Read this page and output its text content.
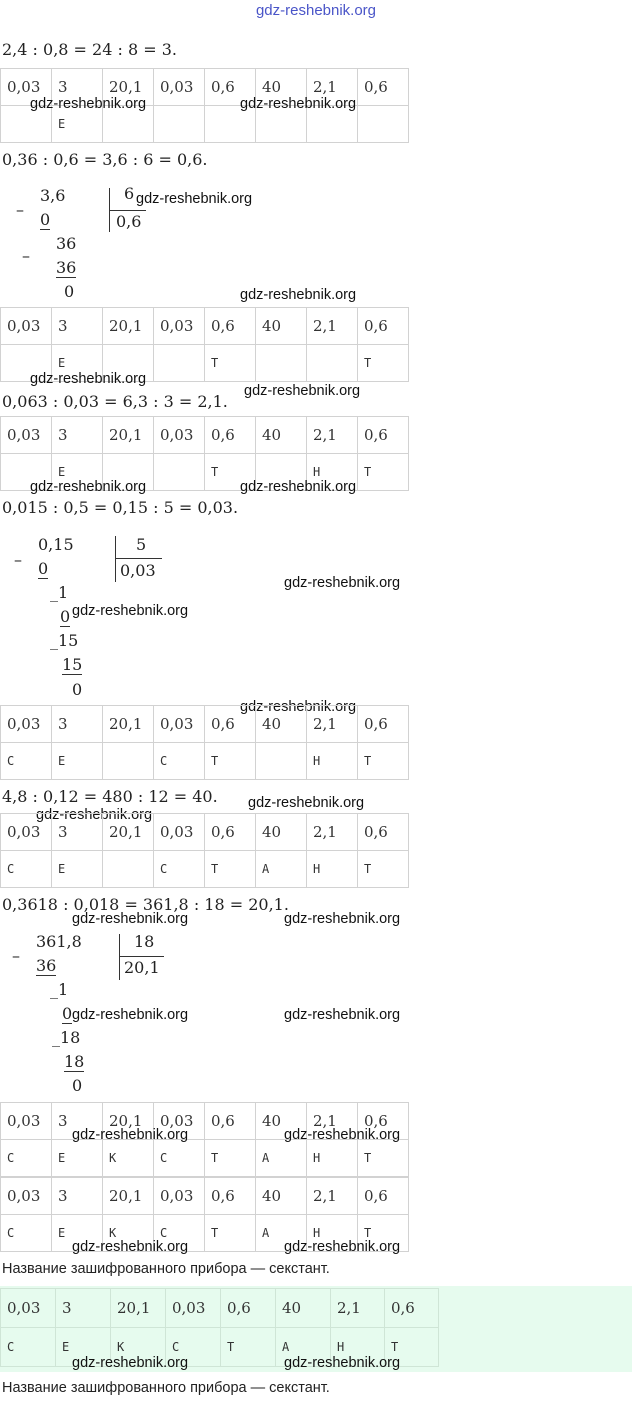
gdz-reshebnik.org
2,4 : 0,8 = 24 : 8 = 3.
0,03	3	20,1	0,03	0,6	40	2,1	0,6
	Е						
gdz-reshebnik.org	gdz-reshebnik.org
0,36 : 0,6 = 3,6 : 6 = 0,6.
–
3,6
0
–
36
36
0
6
0,6
gdz-reshebnik.org
gdz-reshebnik.org
0,03	3	20,1	0,03	0,6	40	2,1	0,6
	Е			Т			Т
gdz-reshebnik.org
0,063 : 0,03 = 6,3 : 3 = 2,1.
gdz-reshebnik.org
0,03	3	20,1	0,03	0,6	40	2,1	0,6
	Е			Т		Н	Т
gdz-reshebnik.org	gdz-reshebnik.org
0,015 : 0,5 = 0,15 : 5 = 0,03.
–
0,15
0
_1
0
_15
15
0
5
0,03
gdz-reshebnik.org
gdz-reshebnik.org
gdz-reshebnik.org
0,03	3	20,1	0,03	0,6	40	2,1	0,6
С	Е		С	Т		Н	Т
4,8 : 0,12 = 480 : 12 = 40. gdz-reshebnik.org
gdz-reshebnik.org
0,03	3	20,1	0,03	0,6	40	2,1	0,6
С	Е		С	Т	А	Н	Т
0,3618 : 0,018 = 361,8 : 18 = 20,1.
gdz-reshebnik.org	gdz-reshebnik.org
–
361,8
36
_1
0
_18
18
0
18
20,1
gdz-reshebnik.org	gdz-reshebnik.org
0,03	3	20,1	0,03	0,6	40	2,1	0,6
С	Е	К	С	Т	А	Н	Т
gdz-reshebnik.org	gdz-reshebnik.org
0,03	3	20,1	0,03	0,6	40	2,1	0,6
С	Е	К	С	Т	А	Н	Т
gdz-reshebnik.org	gdz-reshebnik.org
Название зашифрованного прибора — секстант.
0,03	3	20,1	0,03	0,6	40	2,1	0,6
С	Е	К	С	Т	А	Н	Т
gdz-reshebnik.org	gdz-reshebnik.org
Название зашифрованного прибора — секстант.
